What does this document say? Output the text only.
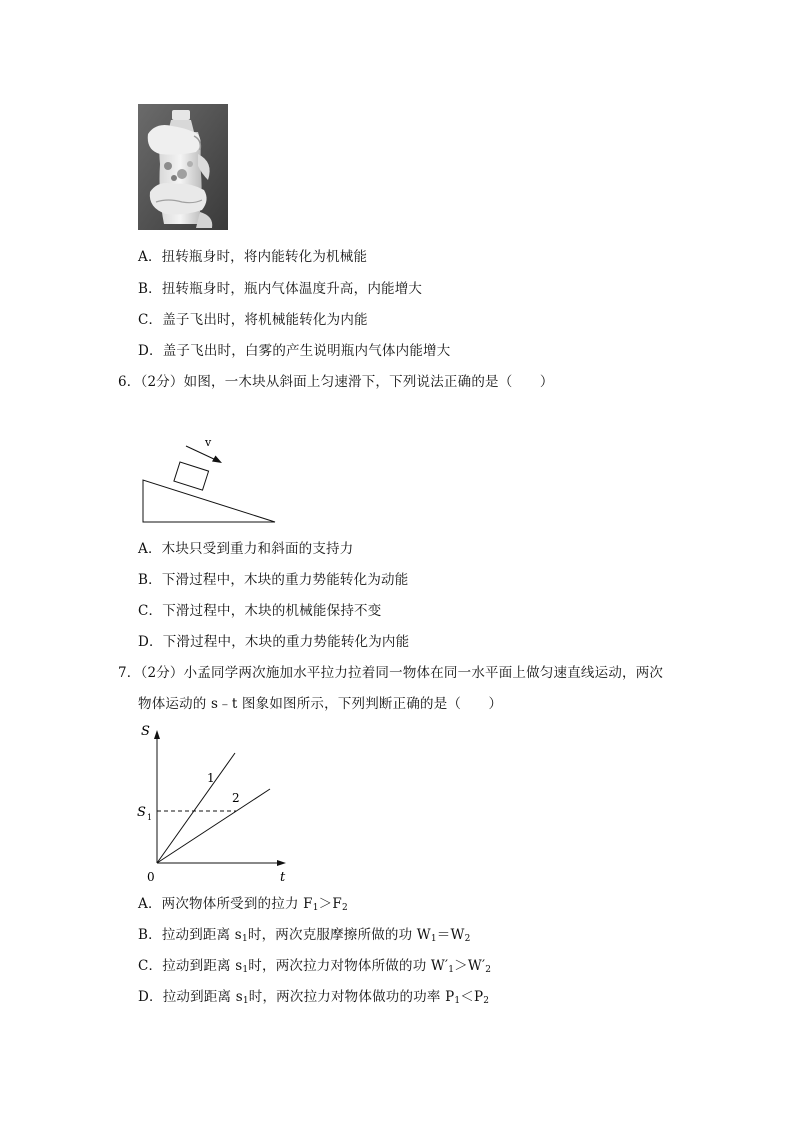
A．扭转瓶身时，将内能转化为机械能
B．扭转瓶身时，瓶内气体温度升高，内能增大
C．盖子飞出时，将机械能转化为内能
D．盖子飞出时，白雾的产生说明瓶内气体内能增大
6．（2分）如图，一木块从斜面上匀速滑下，下列说法正确的是（　　）
v
A．木块只受到重力和斜面的支持力
B．下滑过程中，木块的重力势能转化为动能
C．下滑过程中，木块的机械能保持不变
D．下滑过程中，木块的重力势能转化为内能
7．（2分）小孟同学两次施加水平拉力拉着同一物体在同一水平面上做匀速直线运动，两次
物体运动的 s﹣t 图象如图所示，下列判断正确的是（　　）
S
t
0
S 1
1
2
A．两次物体所受到的拉力 $F_1>F_2$
B．拉动到距离 $s_1$时，两次克服摩擦所做的功 $W_1=W_2$
C．拉动到距离 $s_1$时，两次拉力对物体所做的功 $W'_1>W'_2$
D．拉动到距离 $s_1$时，两次拉力对物体做功的功率 $P_1<P_2$
